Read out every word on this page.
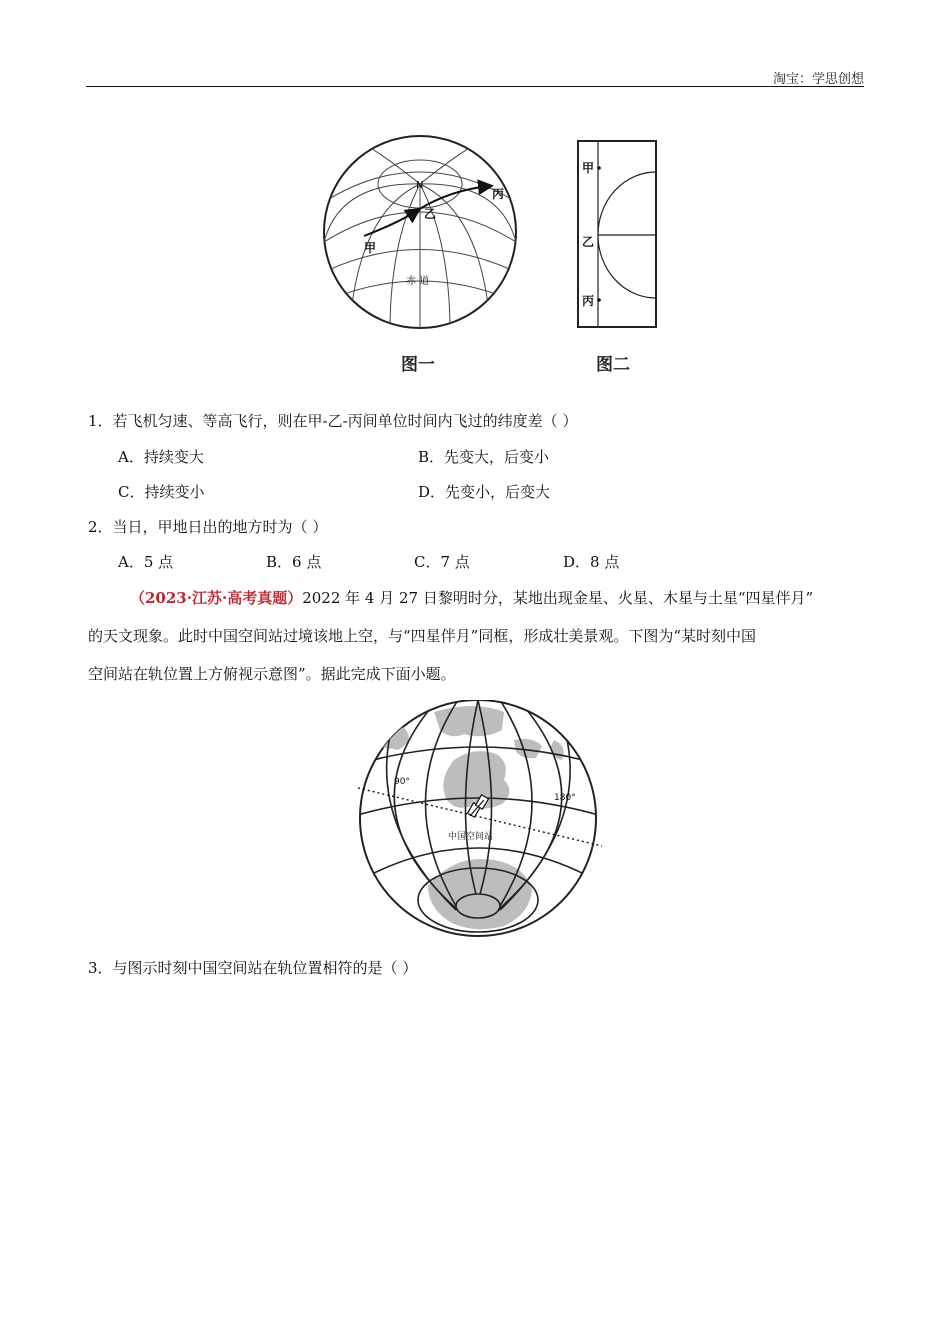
淘宝：学思创想
N
甲
乙
丙
赤 道
图一
甲
乙
丙
图二
1．若飞机匀速、等高飞行，则在甲-乙-丙间单位时间内飞过的纬度差（ ）
A．持续变大	B．先变大，后变小
C．持续变小	D．先变小，后变大
2．当日，甲地日出的地方时为（ ）
A．5 点	B．6 点	C．7 点	D．8 点
（2023·江苏·高考真题）2022 年 4 月 27 日黎明时分，某地出现金星、火星、木星与土星“四星伴月”
的天文现象。此时中国空间站过境该地上空，与“四星伴月”同框，形成壮美景观。下图为“某时刻中国
空间站在轨位置上方俯视示意图”。据此完成下面小题。
90°
180°
中国空间站
3．与图示时刻中国空间站在轨位置相符的是（ ）
